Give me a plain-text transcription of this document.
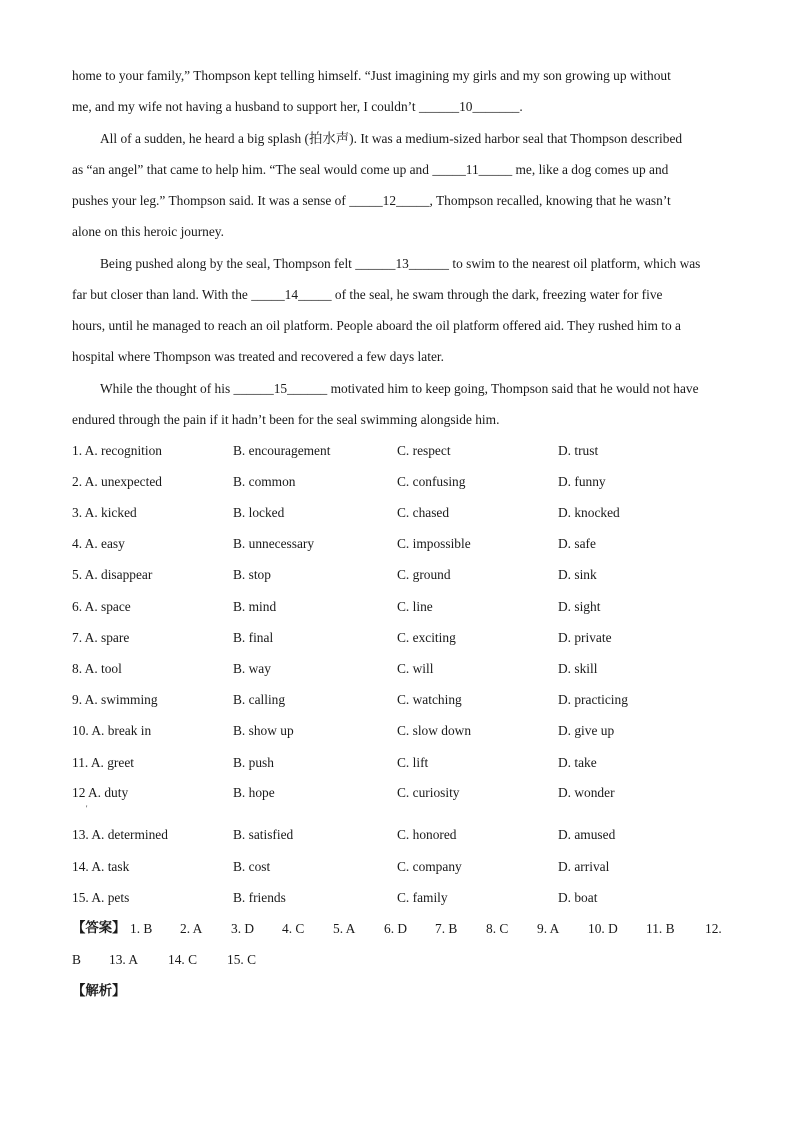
home to your family,” Thompson kept telling himself. “Just imagining my girls and my son growing up without
me, and my wife not having a husband to support her, I couldn’t ______10_______.
All of a sudden, he heard a big splash (拍水声). It was a medium-sized harbor seal that Thompson described
as “an angel” that came to help him. “The seal would come up and _____11_____ me, like a dog comes up and
pushes your leg.” Thompson said. It was a sense of _____12_____, Thompson recalled, knowing that he wasn’t
alone on this heroic journey.
Being pushed along by the seal, Thompson felt ______13______ to swim to the nearest oil platform, which was
far but closer than land. With the _____14_____ of the seal, he swam through the dark, freezing water for five
hours, until he managed to reach an oil platform. People aboard the oil platform offered aid. They rushed him to a
hospital where Thompson was treated and recovered a few days later.
While the thought of his ______15______ motivated him to keep going, Thompson said that he would not have
endured through the pain if it hadn’t been for the seal swimming alongside him.
1. A. recognition	B. encouragement	C. respect	D. trust
2. A. unexpected	B. common	C. confusing	D. funny
3. A. kicked	B. locked	C. chased	D. knocked
4. A. easy	B. unnecessary	C. impossible	D. safe
5. A. disappear	B. stop	C. ground	D. sink
6. A. space	B. mind	C. line	D. sight
7. A. spare	B. final	C. exciting	D. private
8. A. tool	B. way	C. will	D. skill
9. A. swimming	B. calling	C. watching	D. practicing
10. A. break in	B. show up	C. slow down	D. give up
11. A. greet	B. push	C. lift	D. take
12 A. duty	B. hope	C. curiosity	D. wonder
'
13. A. determined	B. satisfied	C. honored	D. amused
14. A. task	B. cost	C. company	D. arrival
15. A. pets	B. friends	C. family	D. boat
【答案】 1. B 2. A 3. D 4. C 5. A 6. D 7. B 8. C 9. A 10. D 11. B 12.
B 13. A 14. C 15. C
【解析】
